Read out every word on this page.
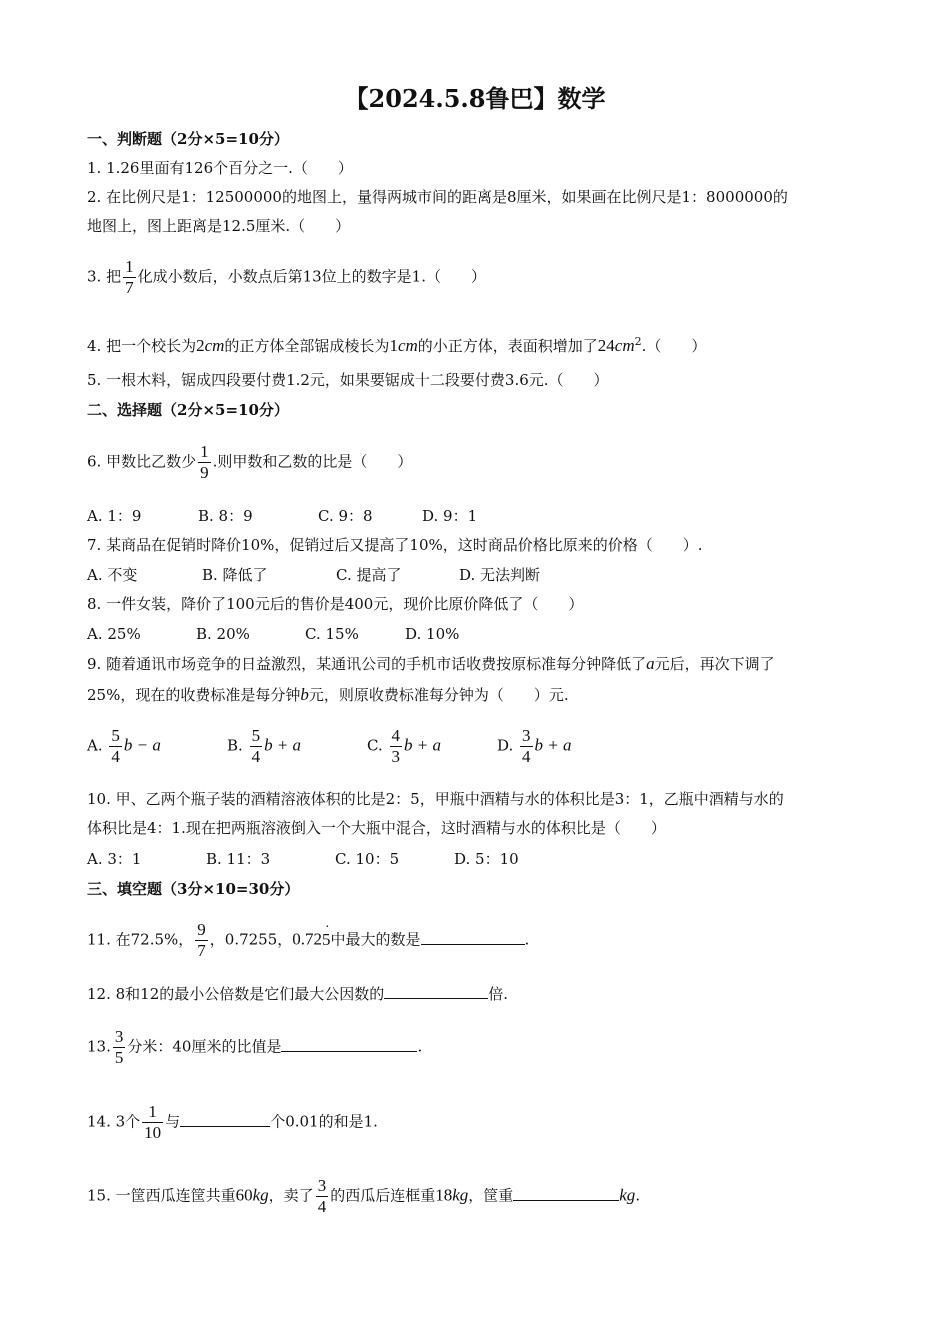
【2024.5.8鲁巴】数学
一、判断题（2分×5=10分）
1. 1.26里面有126个百分之一.（　　）
2. 在比例尺是1：12500000的地图上，量得两城市间的距离是8厘米，如果画在比例尺是1：8000000的
地图上，图上距离是12.5厘米.（　　）
3. 把 $\frac{1}{7}$ 化成小数后，小数点后第13位上的数字是1.（　　）
4. 把一个校长为2cm的正方体全部锯成棱长为1cm的小正方体，表面积增加了$24cm^2$.（　　）
5. 一根木料，锯成四段要付费1.2元，如果要锯成十二段要付费3.6元.（　　）
二、选择题（2分×5=10分）
6. 甲数比乙数少 $\frac{1}{9}$ .则甲数和乙数的比是（　　）
A. 1：9	B. 8：9	C. 9：8	D. 9：1
7. 某商品在促销时降价10%，促销过后又提高了10%，这时商品价格比原来的价格（　　）.
A. 不变	B. 降低了	C. 提高了	D. 无法判断
8. 一件女装，降价了100元后的售价是400元，现价比原价降低了（　　）
A. 25%	B. 20%	C. 15%	D. 10%
9. 随着通讯市场竞争的日益激烈，某通讯公司的手机市话收费按原标准每分钟降低了a元后，再次下调了
25%，现在的收费标准是每分钟b元，则原收费标准每分钟为（　　）元.
A. $\frac{5}{4}$ b − a	B. $\frac{5}{4}$ b + a	C. $\frac{4}{3}$ b + a	D. $\frac{3}{4}$ b + a
10. 甲、乙两个瓶子装的酒精溶液体积的比是2：5，甲瓶中酒精与水的体积比是3：1，乙瓶中酒精与水的
体积比是4：1.现在把两瓶溶液倒入一个大瓶中混合，这时酒精与水的体积比是（　　）
A. 3：1	B. 11：3	C. 10：5	D. 5：10
三、填空题（3分×10=30分）
11. 在72.5%， $\frac{9}{7}$ ，0.7255，0.725 ·中最大的数是	.
12. 8和12的最小公倍数是它们最大公因数的	倍.
13. $\frac{3}{5}$ 分米：40厘米的比值是	.
14. 3个 $\frac{1}{10}$ 与	个0.01的和是1.
15. 一筐西瓜连筐共重60kg，卖了 $\frac{3}{4}$ 的西瓜后连框重18kg，筐重	kg.
